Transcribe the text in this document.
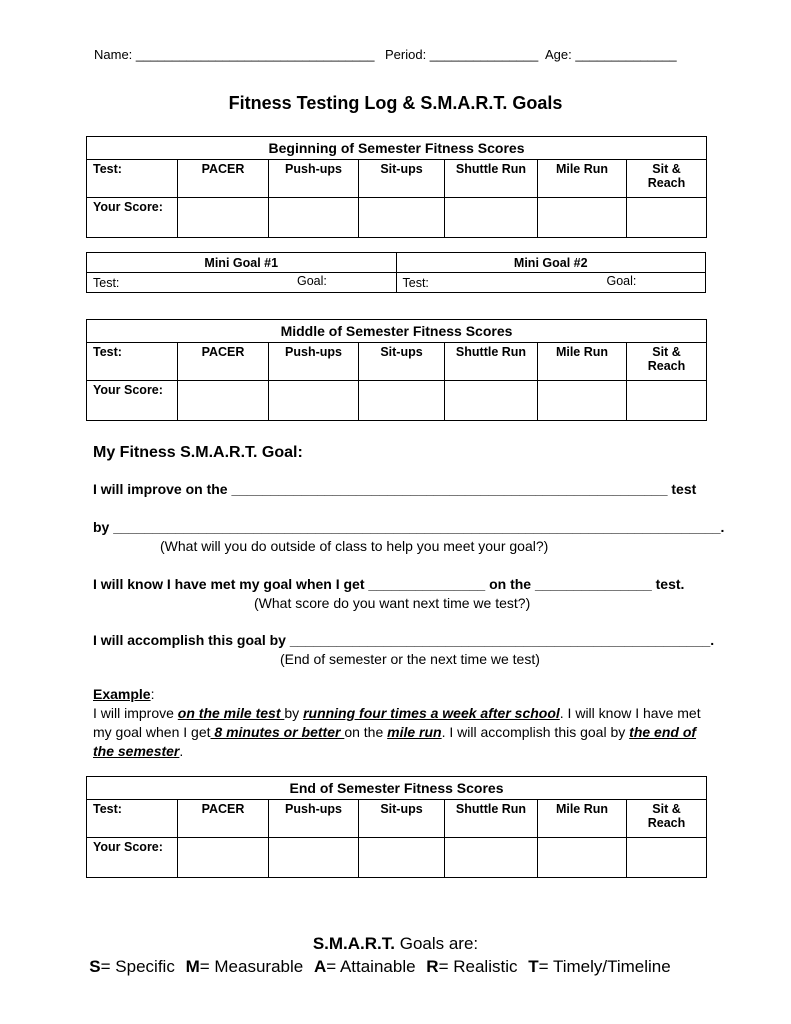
Name: _________________________________ Period: _______________ Age: ______________
Fitness Testing Log & S.M.A.R.T. Goals
Beginning of Semester Fitness Scores						
Test:	PACER	Push-ups	Sit-ups	Shuttle Run	Mile Run	Sit & Reach
Your Score:						
Mini Goal #1	Mini Goal #2
Test: Goal:	Test: Goal:
Middle of Semester Fitness Scores						
Test:	PACER	Push-ups	Sit-ups	Shuttle Run	Mile Run	Sit & Reach
Your Score:						
My Fitness S.M.A.R.T. Goal:
I will improve on the ________________________________________________________ test
by ______________________________________________________________________________.
(What will you do outside of class to help you meet your goal?)
I will know I have met my goal when I get _______________ on the _______________ test.
(What score do you want next time we test?)
I will accomplish this goal by ______________________________________________________.
(End of semester or the next time we test)
Example:
I will improve on the mile test by running four times a week after school. I will know I have met my goal when I get 8 minutes or better on the mile run. I will accomplish this goal by the end of the semester.
End of Semester Fitness Scores						
Test:	PACER	Push-ups	Sit-ups	Shuttle Run	Mile Run	Sit & Reach
Your Score:						
S.M.A.R.T. Goals are:
S= Specific M= Measurable A= Attainable R= Realistic T= Timely/Timeline
